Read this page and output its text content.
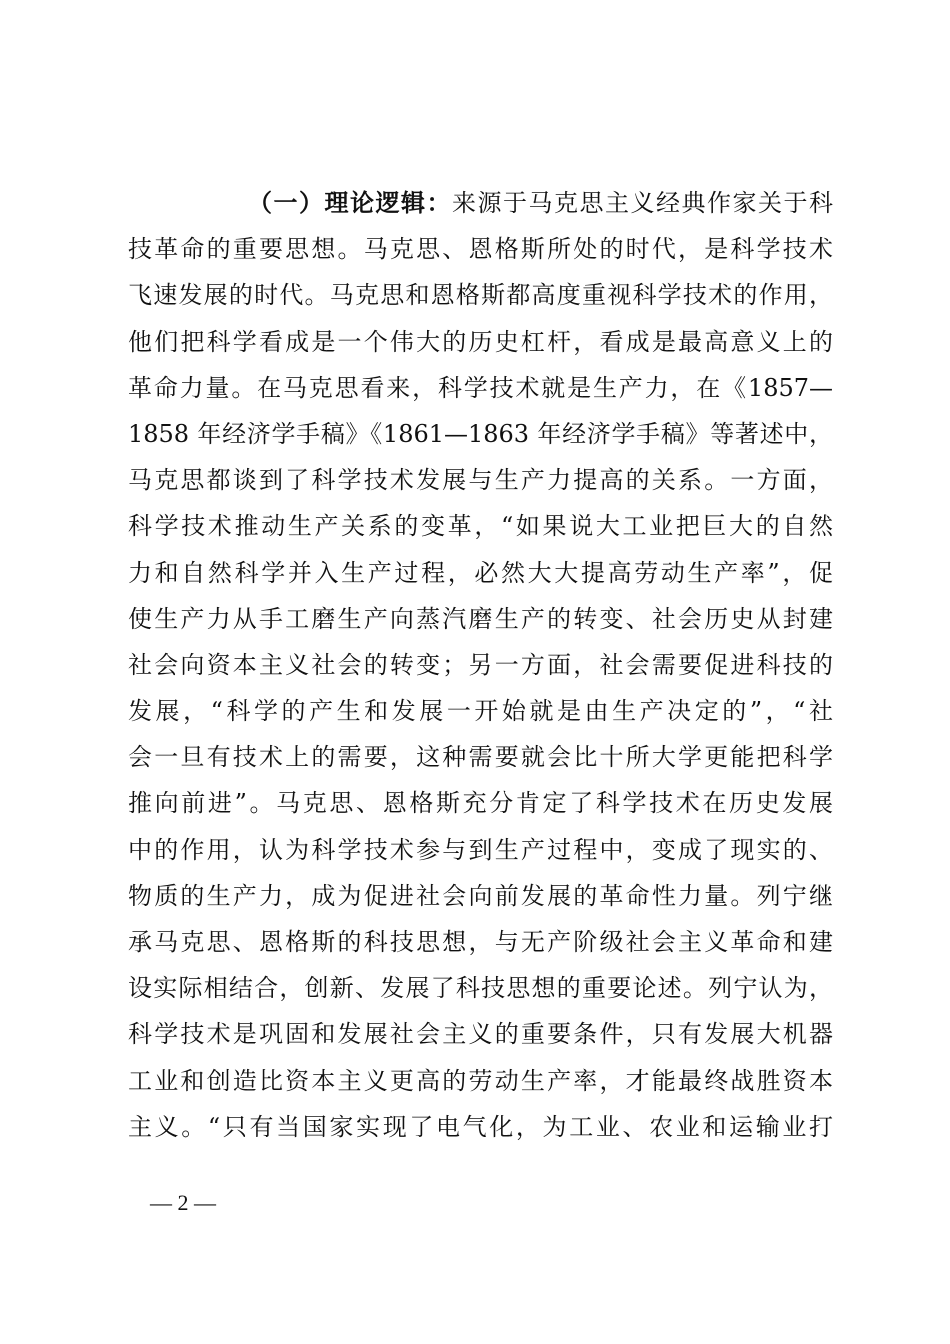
（一）理论逻辑：来源于马克思主义经典作家关于科
技革命的重要思想。马克思、恩格斯所处的时代，是科学技术
飞速发展的时代。马克思和恩格斯都高度重视科学技术的作用，
他们把科学看成是一个伟大的历史杠杆，看成是最高意义上的
革命力量。在马克思看来，科学技术就是生产力，在《1857—
1858 年经济学手稿》《1861—1863 年经济学手稿》等著述中，
马克思都谈到了科学技术发展与生产力提高的关系。一方面，
科学技术推动生产关系的变革，“如果说大工业把巨大的自然
力和自然科学并入生产过程，必然大大提高劳动生产率”，促
使生产力从手工磨生产向蒸汽磨生产的转变、社会历史从封建
社会向资本主义社会的转变；另一方面，社会需要促进科技的
发展，“科学的产生和发展一开始就是由生产决定的”，“社
会一旦有技术上的需要，这种需要就会比十所大学更能把科学
推向前进”。马克思、恩格斯充分肯定了科学技术在历史发展
中的作用，认为科学技术参与到生产过程中，变成了现实的、
物质的生产力，成为促进社会向前发展的革命性力量。列宁继
承马克思、恩格斯的科技思想，与无产阶级社会主义革命和建
设实际相结合，创新、发展了科技思想的重要论述。列宁认为，
科学技术是巩固和发展社会主义的重要条件，只有发展大机器
工业和创造比资本主义更高的劳动生产率，才能最终战胜资本
主义。“只有当国家实现了电气化，为工业、农业和运输业打
— 2 —
